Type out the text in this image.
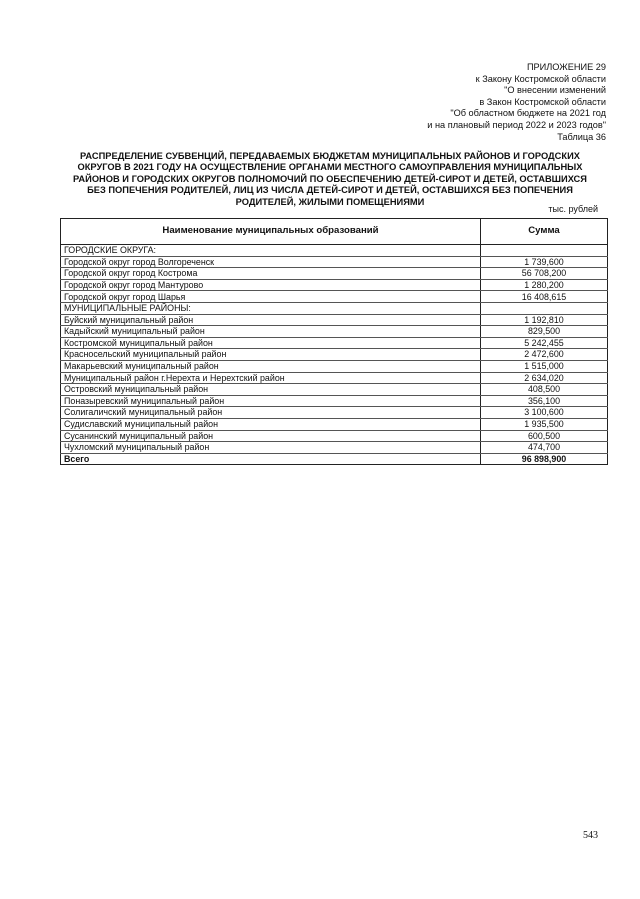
ПРИЛОЖЕНИЕ 29
к Закону Костромской области
"О внесении изменений
в Закон Костромской области
"Об областном бюджете на 2021 год
и на плановый период 2022 и 2023 годов"
Таблица 36
РАСПРЕДЕЛЕНИЕ СУБВЕНЦИЙ, ПЕРЕДАВАЕМЫХ БЮДЖЕТАМ МУНИЦИПАЛЬНЫХ РАЙОНОВ И ГОРОДСКИХ
ОКРУГОВ В 2021 ГОДУ НА ОСУЩЕСТВЛЕНИЕ ОРГАНАМИ МЕСТНОГО САМОУПРАВЛЕНИЯ МУНИЦИПАЛЬНЫХ
РАЙОНОВ И ГОРОДСКИХ ОКРУГОВ ПОЛНОМОЧИЙ ПО ОБЕСПЕЧЕНИЮ ДЕТЕЙ-СИРОТ И ДЕТЕЙ, ОСТАВШИХСЯ
БЕЗ ПОПЕЧЕНИЯ РОДИТЕЛЕЙ, ЛИЦ ИЗ ЧИСЛА ДЕТЕЙ-СИРОТ И ДЕТЕЙ, ОСТАВШИХСЯ БЕЗ ПОПЕЧЕНИЯ
РОДИТЕЛЕЙ, ЖИЛЫМИ ПОМЕЩЕНИЯМИ
тыс. рублей
Наименование муниципальных образований	Сумма
ГОРОДСКИЕ ОКРУГА:	
Городской округ город Волгореченск	1 739,600
Городской округ город Кострома	56 708,200
Городской округ город Мантурово	1 280,200
Городской округ город Шарья	16 408,615
МУНИЦИПАЛЬНЫЕ РАЙОНЫ:	
Буйский муниципальный район	1 192,810
Кадыйский муниципальный район	829,500
Костромской муниципальный район	5 242,455
Красносельский муниципальный район	2 472,600
Макарьевский муниципальный район	1 515,000
Муниципальный район г.Нерехта и Нерехтский район	2 634,020
Островский муниципальный район	408,500
Поназыревский муниципальный район	356,100
Солигаличский муниципальный район	3 100,600
Судиславский муниципальный район	1 935,500
Сусанинский муниципальный район	600,500
Чухломский муниципальный район	474,700
Всего	96 898,900
543
